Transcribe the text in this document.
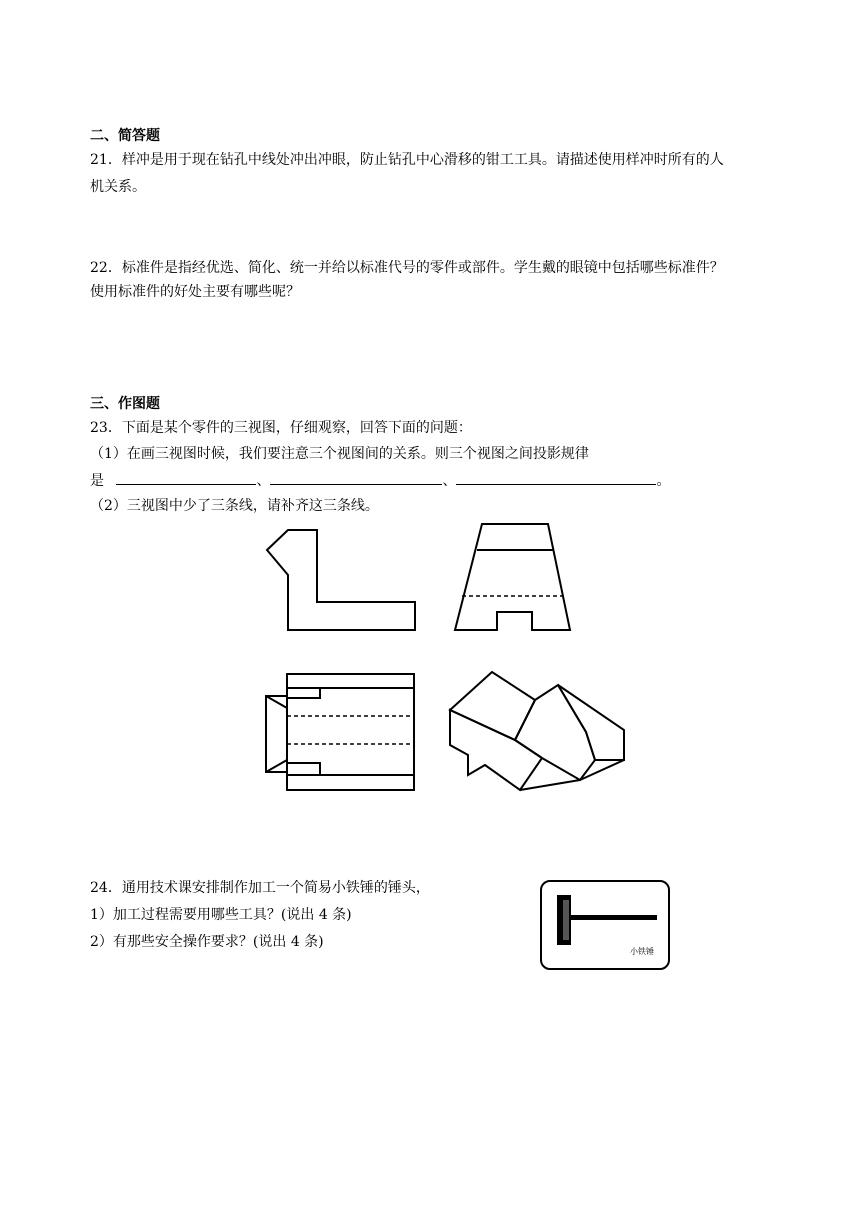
二、简答题
21．样冲是用于现在钻孔中线处冲出冲眼，防止钻孔中心滑移的钳工工具。请描述使用样冲时所有的人
机关系。
22．标准件是指经优选、简化、统一并给以标准代号的零件或部件。学生戴的眼镜中包括哪些标准件？
使用标准件的好处主要有哪些呢？
三、作图题
23．下面是某个零件的三视图，仔细观察，回答下面的问题：
（1）在画三视图时候，我们要注意三个视图间的关系。则三个视图之间投影规律
是	、	、	。
（2）三视图中少了三条线，请补齐这三条线。
24．通用技术课安排制作加工一个简易小铁锤的锤头，
1）加工过程需要用哪些工具？(说出 4 条)
2）有那些安全操作要求？(说出 4 条)
小铁锤
